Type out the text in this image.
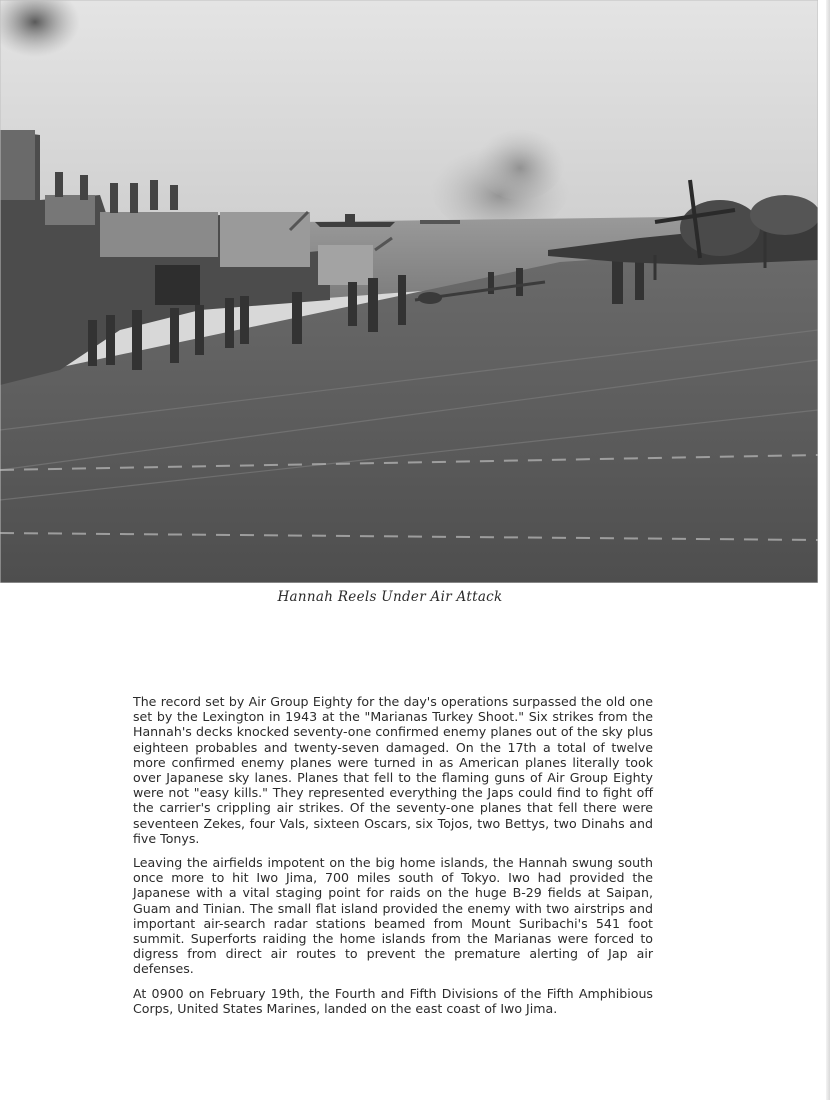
Hannah Reels Under Air Attack

The record set by Air Group Eighty for the day's operations surpassed the old one set by the Lexington in 1943 at the "Marianas Turkey Shoot." Six strikes from the Hannah's decks knocked seventy-one confirmed enemy planes out of the sky plus eighteen probables and twenty-seven damaged. On the 17th a total of twelve more confirmed enemy planes were turned in as American planes literally took over Japanese sky lanes. Planes that fell to the flaming guns of Air Group Eighty were not "easy kills." They represented everything the Japs could find to fight off the carrier's crippling air strikes. Of the seventy-one planes that fell there were seventeen Zekes, four Vals, sixteen Oscars, six Tojos, two Bettys, two Dinahs and five Tonys.

Leaving the airfields impotent on the big home islands, the Hannah swung south once more to hit Iwo Jima, 700 miles south of Tokyo. Iwo had provided the Japanese with a vital staging point for raids on the huge B-29 fields at Saipan, Guam and Tinian. The small flat island provided the enemy with two airstrips and important air-search radar stations beamed from Mount Suribachi's 541 foot summit. Superforts raiding the home islands from the Marianas were forced to digress from direct air routes to prevent the premature alerting of Jap air defenses.

At 0900 on February 19th, the Fourth and Fifth Divisions of the Fifth Amphibious Corps, United States Marines, landed on the east coast of Iwo Jima.
